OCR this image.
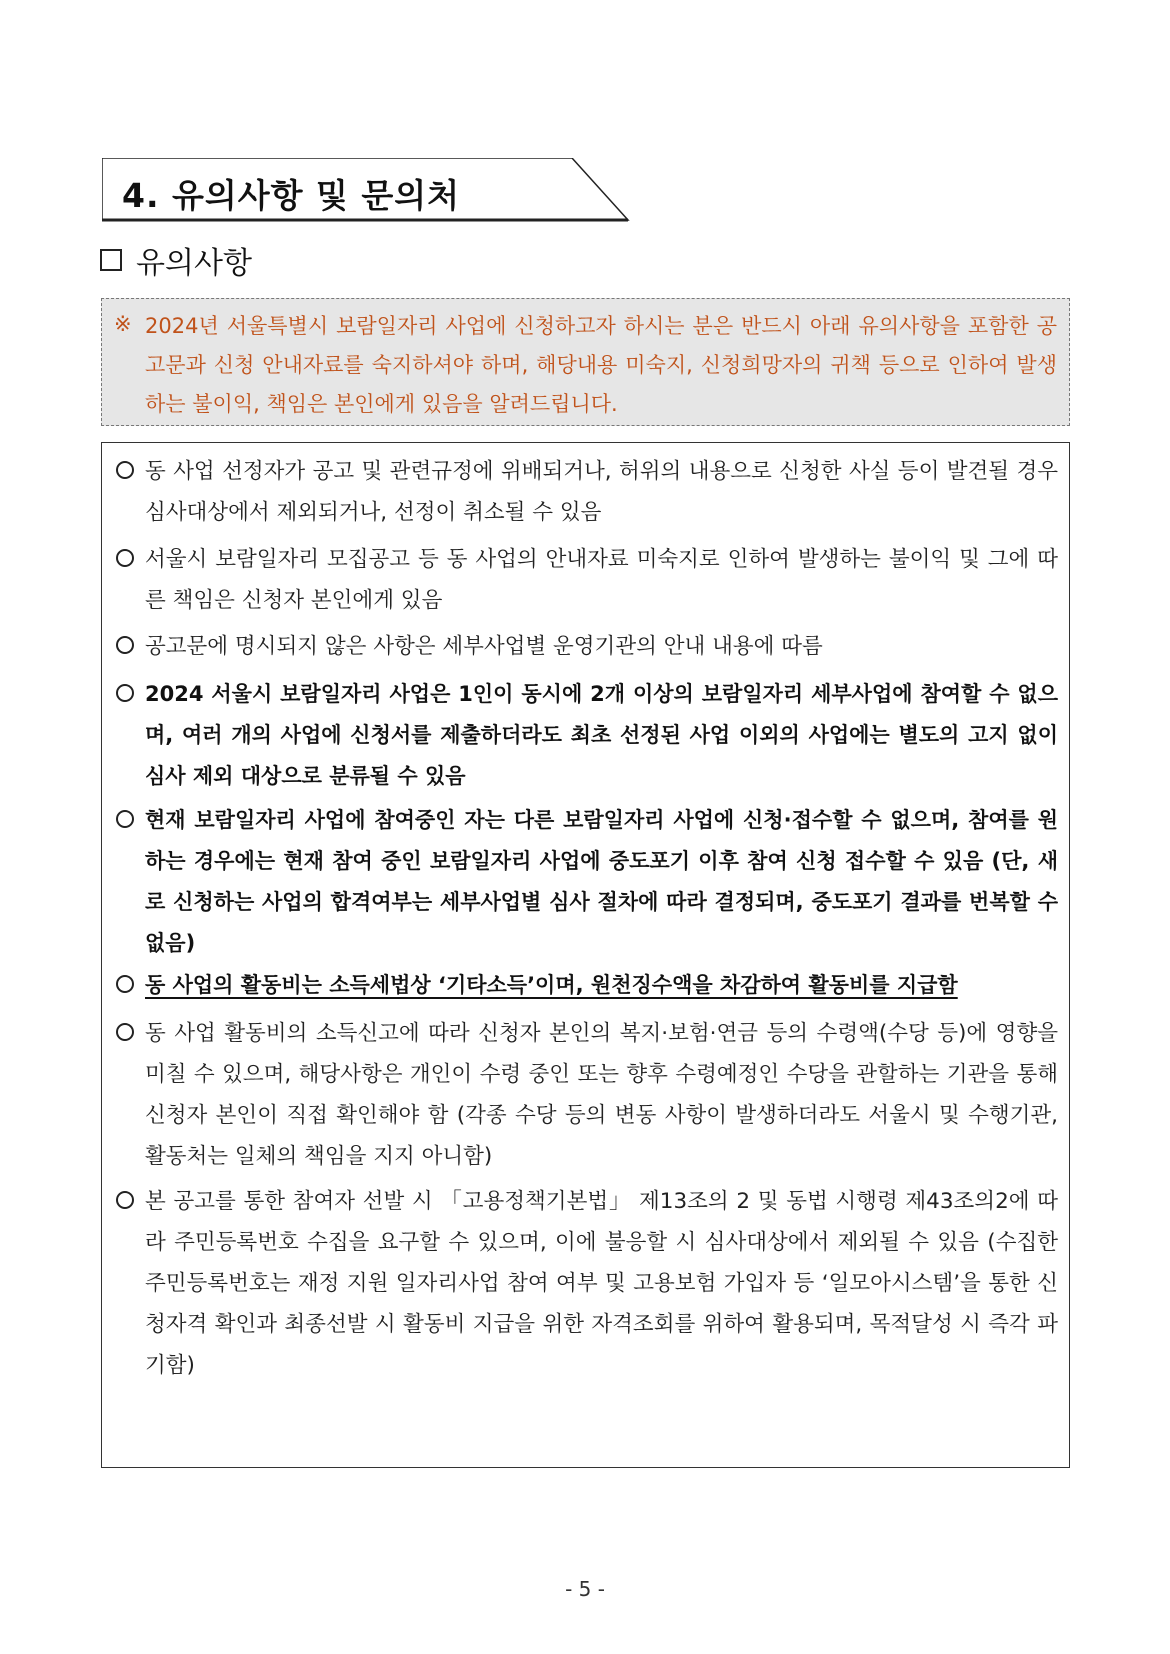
4. 유의사항 및 문의처
유의사항
※ 2024년 서울특별시 보람일자리 사업에 신청하고자 하시는 분은 반드시 아래 유의사항을 포함한 공고문과 신청 안내자료를 숙지하셔야 하며, 해당내용 미숙지, 신청희망자의 귀책 등으로 인하여 발생하는 불이익, 책임은 본인에게 있음을 알려드립니다.
동 사업 선정자가 공고 및 관련규정에 위배되거나, 허위의 내용으로 신청한 사실 등이 발견될 경우 심사대상에서 제외되거나, 선정이 취소될 수 있음
서울시 보람일자리 모집공고 등 동 사업의 안내자료 미숙지로 인하여 발생하는 불이익 및 그에 따른 책임은 신청자 본인에게 있음
공고문에 명시되지 않은 사항은 세부사업별 운영기관의 안내 내용에 따름
2024 서울시 보람일자리 사업은 1인이 동시에 2개 이상의 보람일자리 세부사업에 참여할 수 없으며, 여러 개의 사업에 신청서를 제출하더라도 최초 선정된 사업 이외의 사업에는 별도의 고지 없이 심사 제외 대상으로 분류될 수 있음
현재 보람일자리 사업에 참여중인 자는 다른 보람일자리 사업에 신청·접수할 수 없으며, 참여를 원하는 경우에는 현재 참여 중인 보람일자리 사업에 중도포기 이후 참여 신청 접수할 수 있음 (단, 새로 신청하는 사업의 합격여부는 세부사업별 심사 절차에 따라 결정되며, 중도포기 결과를 번복할 수 없음)
동 사업의 활동비는 소득세법상 ‘기타소득’이며, 원천징수액을 차감하여 활동비를 지급함
동 사업 활동비의 소득신고에 따라 신청자 본인의 복지·보험·연금 등의 수령액(수당 등)에 영향을 미칠 수 있으며, 해당사항은 개인이 수령 중인 또는 향후 수령예정인 수당을 관할하는 기관을 통해 신청자 본인이 직접 확인해야 함 (각종 수당 등의 변동 사항이 발생하더라도 서울시 및 수행기관, 활동처는 일체의 책임을 지지 아니함)
본 공고를 통한 참여자 선발 시 「고용정책기본법」 제13조의 2 및 동법 시행령 제43조의2에 따라 주민등록번호 수집을 요구할 수 있으며, 이에 불응할 시 심사대상에서 제외될 수 있음 (수집한 주민등록번호는 재정 지원 일자리사업 참여 여부 및 고용보험 가입자 등 ‘일모아시스템’을 통한 신청자격 확인과 최종선발 시 활동비 지급을 위한 자격조회를 위하여 활용되며, 목적달성 시 즉각 파기함)
- 5 -
